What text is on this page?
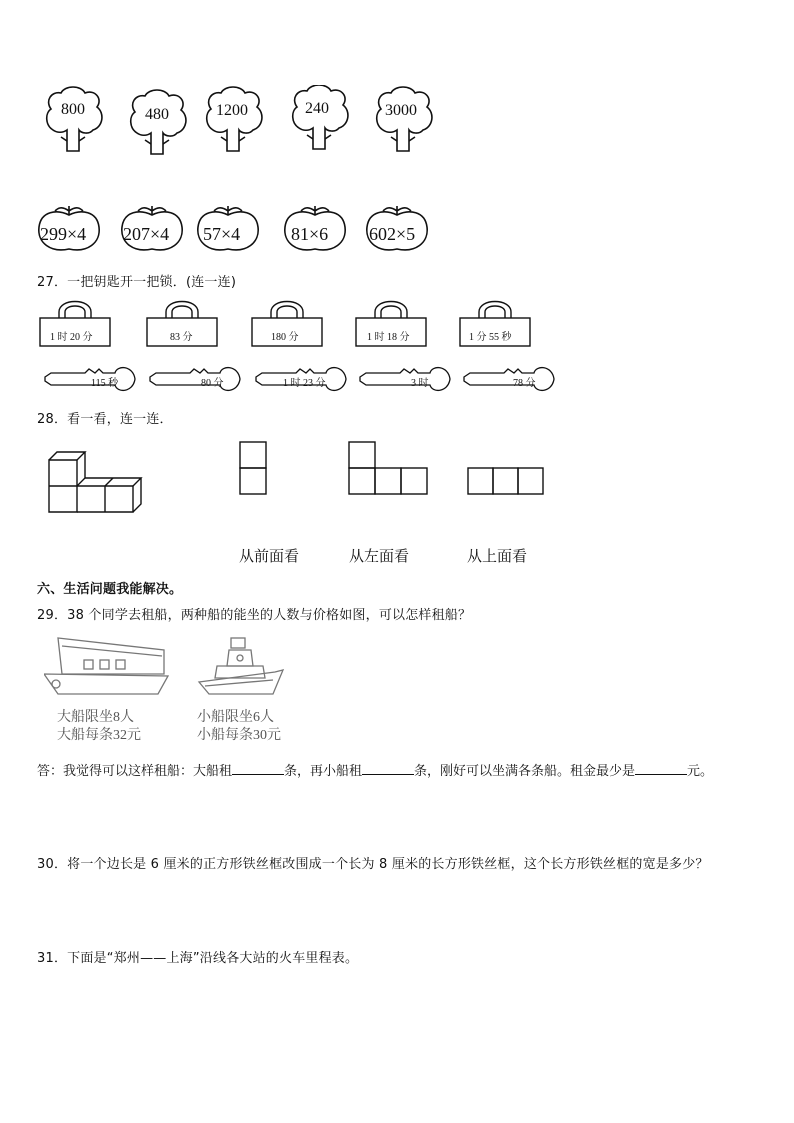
800	480	1200	240	3000
299×4 207×4 57×4	81×6 602×5
27．一把钥匙开一把锁．(连一连)
1 时 20 分	83 分	180 分	1 时 18 分	1 分 55 秒
115 秒	80 分	1 时 23 分	3 时	78 分
28．看一看，连一连．
从前面看	从左面看	从上面看
六、生活问题我能解决。
29．38 个同学去租船，两种船的能坐的人数与价格如图，可以怎样租船？
大船限坐8人
大船每条32元
小船限坐6人
小船每条30元
答：我觉得可以这样租船：大船租	条，再小船租	条，刚好可以坐满各条船。租金最少是	元。
30．将一个边长是 6 厘米的正方形铁丝框改围成一个长为 8 厘米的长方形铁丝框，这个长方形铁丝框的宽是多少？
31．下面是“郑州——上海”沿线各大站的火车里程表。
